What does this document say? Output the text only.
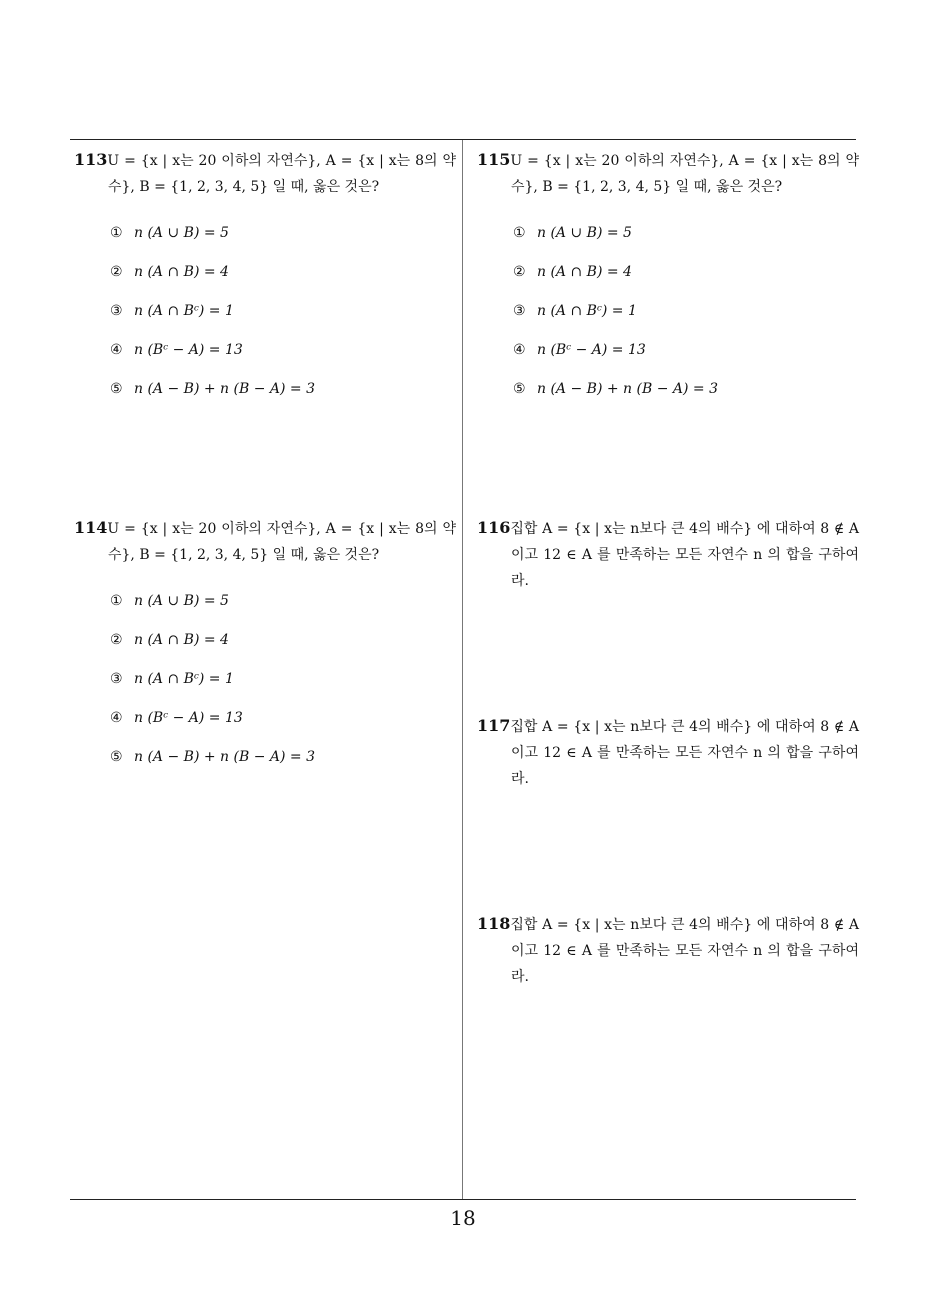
113U = {x | x는 20 이하의 자연수}, A = {x | x는 8의 약수}, B = {1, 2, 3, 4, 5} 일 때, 옳은 것은?

① n (A ∪ B) = 5
② n (A ∩ B) = 4
③ n (A ∩ Bᶜ) = 1
④ n (Bᶜ − A) = 13
⑤ n (A − B) + n (B − A) = 3

114U = {x | x는 20 이하의 자연수}, A = {x | x는 8의 약수}, B = {1, 2, 3, 4, 5} 일 때, 옳은 것은?

① n (A ∪ B) = 5
② n (A ∩ B) = 4
③ n (A ∩ Bᶜ) = 1
④ n (Bᶜ − A) = 13
⑤ n (A − B) + n (B − A) = 3

115U = {x | x는 20 이하의 자연수}, A = {x | x는 8의 약수}, B = {1, 2, 3, 4, 5} 일 때, 옳은 것은?

① n (A ∪ B) = 5
② n (A ∩ B) = 4
③ n (A ∩ Bᶜ) = 1
④ n (Bᶜ − A) = 13
⑤ n (A − B) + n (B − A) = 3

116집합 A = {x | x는 n보다 큰 4의 배수} 에 대하여 8 ∉ A 이고 12 ∈ A 를 만족하는 모든 자연수 n 의 합을 구하여라.

117집합 A = {x | x는 n보다 큰 4의 배수} 에 대하여 8 ∉ A 이고 12 ∈ A 를 만족하는 모든 자연수 n 의 합을 구하여라.

118집합 A = {x | x는 n보다 큰 4의 배수} 에 대하여 8 ∉ A 이고 12 ∈ A 를 만족하는 모든 자연수 n 의 합을 구하여라.

18
